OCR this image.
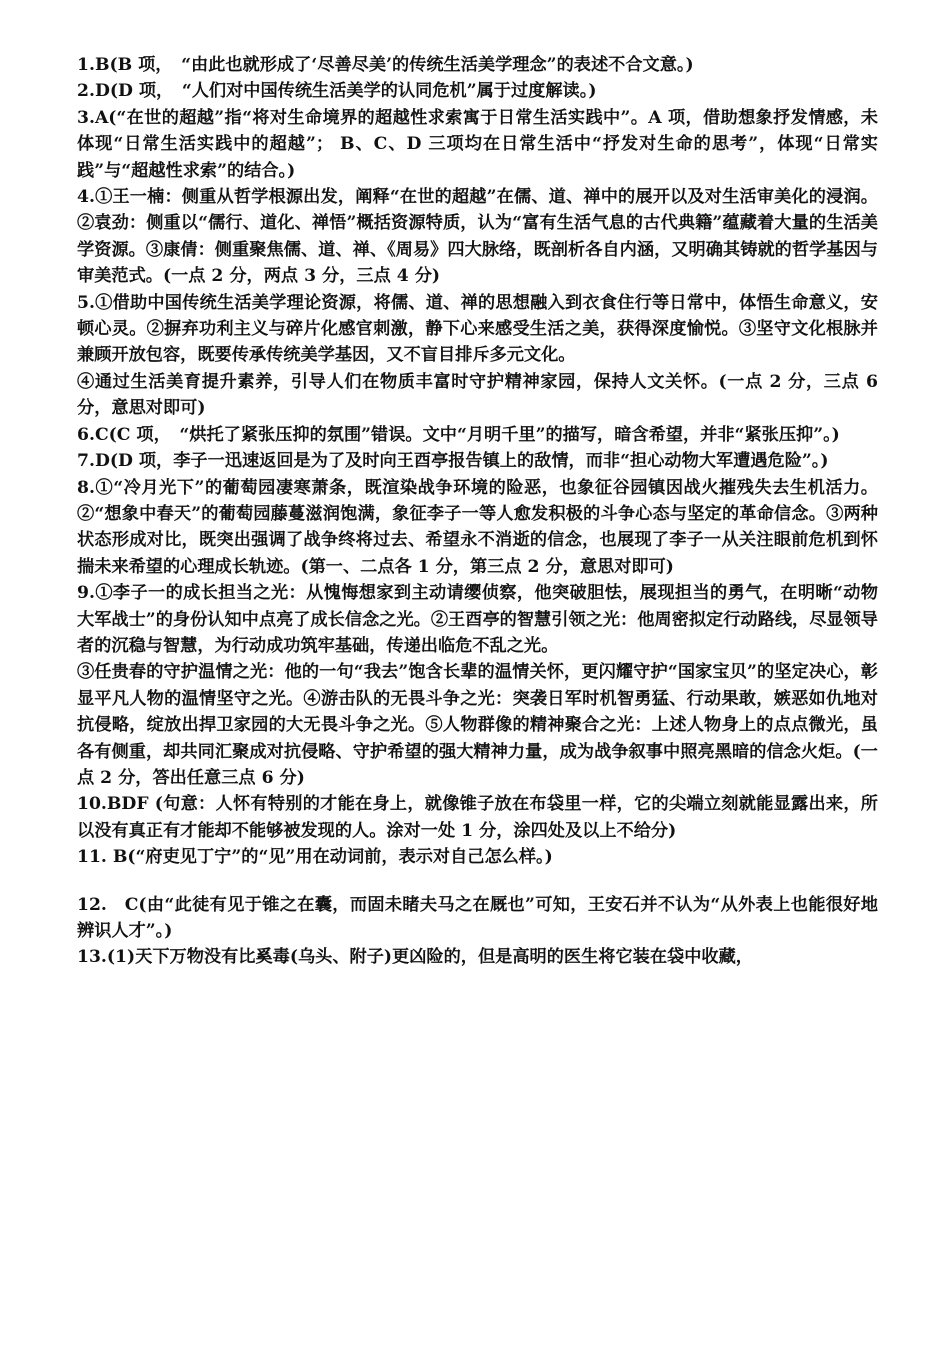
1.B(B 项，　“由此也就形成了‘尽善尽美’的传统生活美学理念”的表述不合文意。)

2.D(D 项，　“人们对中国传统生活美学的认同危机”属于过度解读。)

3.A(“在世的超越”指“将对生命境界的超越性求索寓于日常生活实践中”。A 项，借助想象抒发情感，未体现“日常生活实践中的超越”； B、C、D 三项均在日常生活中“抒发对生命的思考”，体现“日常实践”与“超越性求索”的结合。)

4.①王一楠：侧重从哲学根源出发，阐释“在世的超越”在儒、道、禅中的展开以及对生活审美化的浸润。②袁劲：侧重以“儒行、道化、禅悟”概括资源特质，认为“富有生活气息的古代典籍”蕴藏着大量的生活美学资源。③康倩：侧重聚焦儒、道、禅、《周易》四大脉络，既剖析各自内涵，又明确其铸就的哲学基因与审美范式。(一点 2 分，两点 3 分，三点 4 分)

5.①借助中国传统生活美学理论资源，将儒、道、禅的思想融入到衣食住行等日常中，体悟生命意义，安顿心灵。②摒弃功利主义与碎片化感官刺激，静下心来感受生活之美，获得深度愉悦。③坚守文化根脉并兼顾开放包容，既要传承传统美学基因，又不盲目排斥多元文化。

④通过生活美育提升素养，引导人们在物质丰富时守护精神家园，保持人文关怀。(一点 2 分，三点 6 分，意思对即可)

6.C(C 项，　“烘托了紧张压抑的氛围”错误。文中“月明千里”的描写，暗含希望，并非“紧张压抑”。)

7.D(D 项，李子一迅速返回是为了及时向王酉亭报告镇上的敌情，而非“担心动物大军遭遇危险”。)

8.①“冷月光下”的葡萄园凄寒萧条，既渲染战争环境的险恶，也象征谷园镇因战火摧残失去生机活力。②“想象中春天”的葡萄园藤蔓滋润饱满，象征李子一等人愈发积极的斗争心态与坚定的革命信念。③两种状态形成对比，既突出强调了战争终将过去、希望永不消逝的信念，也展现了李子一从关注眼前危机到怀揣未来希望的心理成长轨迹。(第一、二点各 1 分，第三点 2 分，意思对即可)

9.①李子一的成长担当之光：从愧悔想家到主动请缨侦察，他突破胆怯，展现担当的勇气，在明晰“动物大军战士”的身份认知中点亮了成长信念之光。②王酉亭的智慧引领之光：他周密拟定行动路线，尽显领导者的沉稳与智慧，为行动成功筑牢基础，传递出临危不乱之光。

③任贵春的守护温情之光：他的一句“我去”饱含长辈的温情关怀，更闪耀守护“国家宝贝”的坚定决心，彰显平凡人物的温情坚守之光。④游击队的无畏斗争之光：突袭日军时机智勇猛、行动果敢，嫉恶如仇地对抗侵略，绽放出捍卫家园的大无畏斗争之光。⑤人物群像的精神聚合之光：上述人物身上的点点微光，虽各有侧重，却共同汇聚成对抗侵略、守护希望的强大精神力量，成为战争叙事中照亮黑暗的信念火炬。(一点 2 分，答出任意三点 6 分)

10.BDF (句意：人怀有特别的才能在身上，就像锥子放在布袋里一样，它的尖端立刻就能显露出来，所以没有真正有才能却不能够被发现的人。涂对一处 1 分，涂四处及以上不给分)

11. B(“府吏见丁宁”的“见”用在动词前，表示对自己怎么样。)

12.　C(由“此徒有见于锥之在囊，而固未睹夫马之在厩也”可知，王安石并不认为“从外表上也能很好地辨识人才”。)

13.(1)天下万物没有比奚毒(乌头、附子)更凶险的，但是高明的医生将它装在袋中收藏，
